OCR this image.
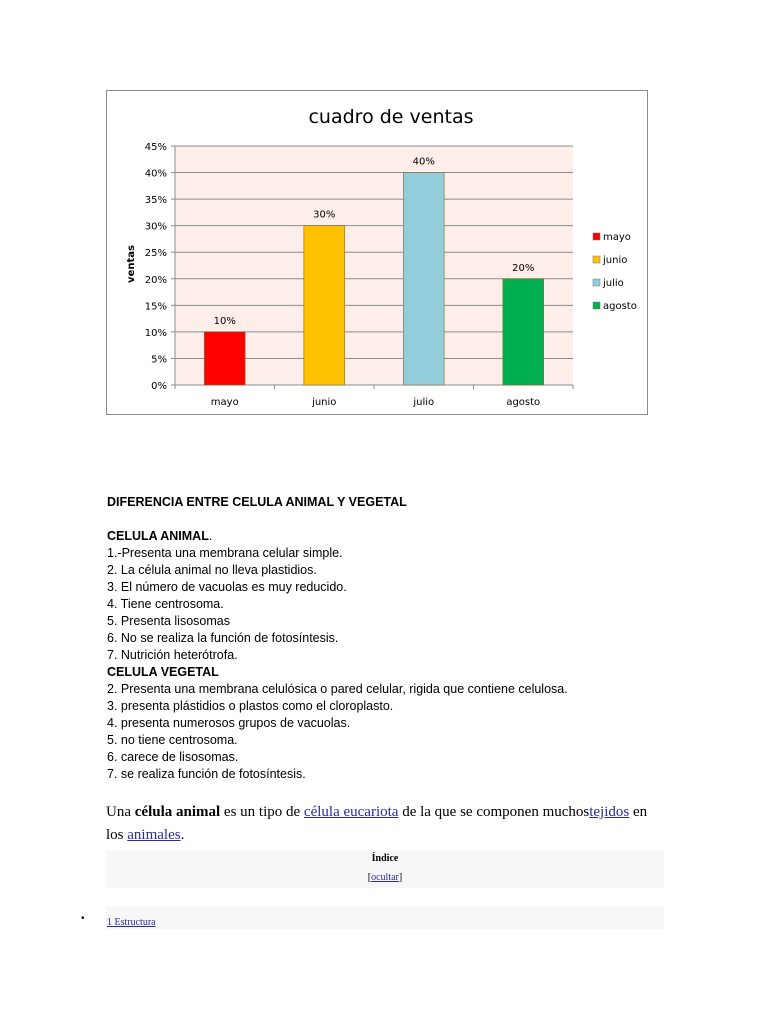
cuadro de ventas
ventas
0%
5%
10%
15%
20%
25%
30%
35%
40%
45%
10%
mayo
30%
junio
40%
julio
20%
agosto
mayo
junio
julio
agosto
DIFERENCIA ENTRE CELULA ANIMAL Y VEGETAL
CELULA ANIMAL.
1.-Presenta una membrana celular simple.
2. La célula animal no lleva plastidios.
3. El número de vacuolas es muy reducido.
4. Tiene centrosoma.
5. Presenta lisosomas
6. No se realiza la función de fotosíntesis.
7. Nutrición heterótrofa.
CELULA VEGETAL
2. Presenta una membrana celulósica o pared celular, rigida que contiene celulosa.
3. presenta plástidios o plastos como el cloroplasto.
4. presenta numerosos grupos de vacuolas.
5. no tiene centrosoma.
6. carece de lisosomas.
7. se realiza función de fotosíntesis.
Una célula animal es un tipo de célula eucariota de la que se componen muchostejidos en los animales.
Índice
[ocultar]
• 1 Estructura
